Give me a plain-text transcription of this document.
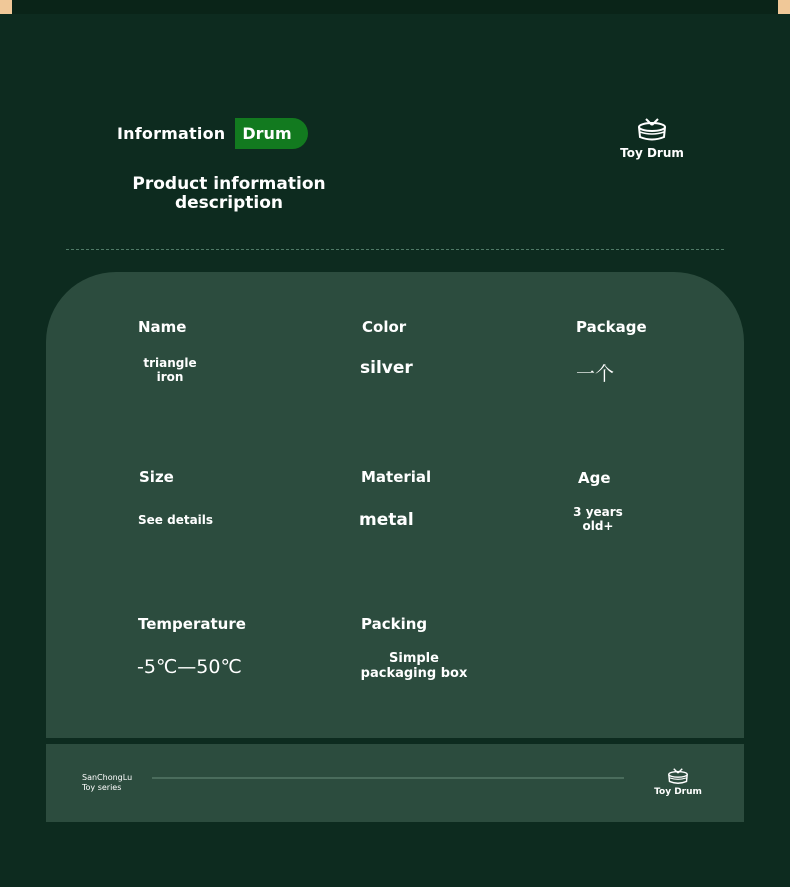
Information	Drum
Product information
description
Toy Drum
Name
triangle
iron
Color
silver
Package
一个
Size
See details
Material
metal
Age
3 years
old+
Temperature
-5℃—50℃
Packing
Simple
packaging box
SanChongLu
Toy series	Toy Drum
